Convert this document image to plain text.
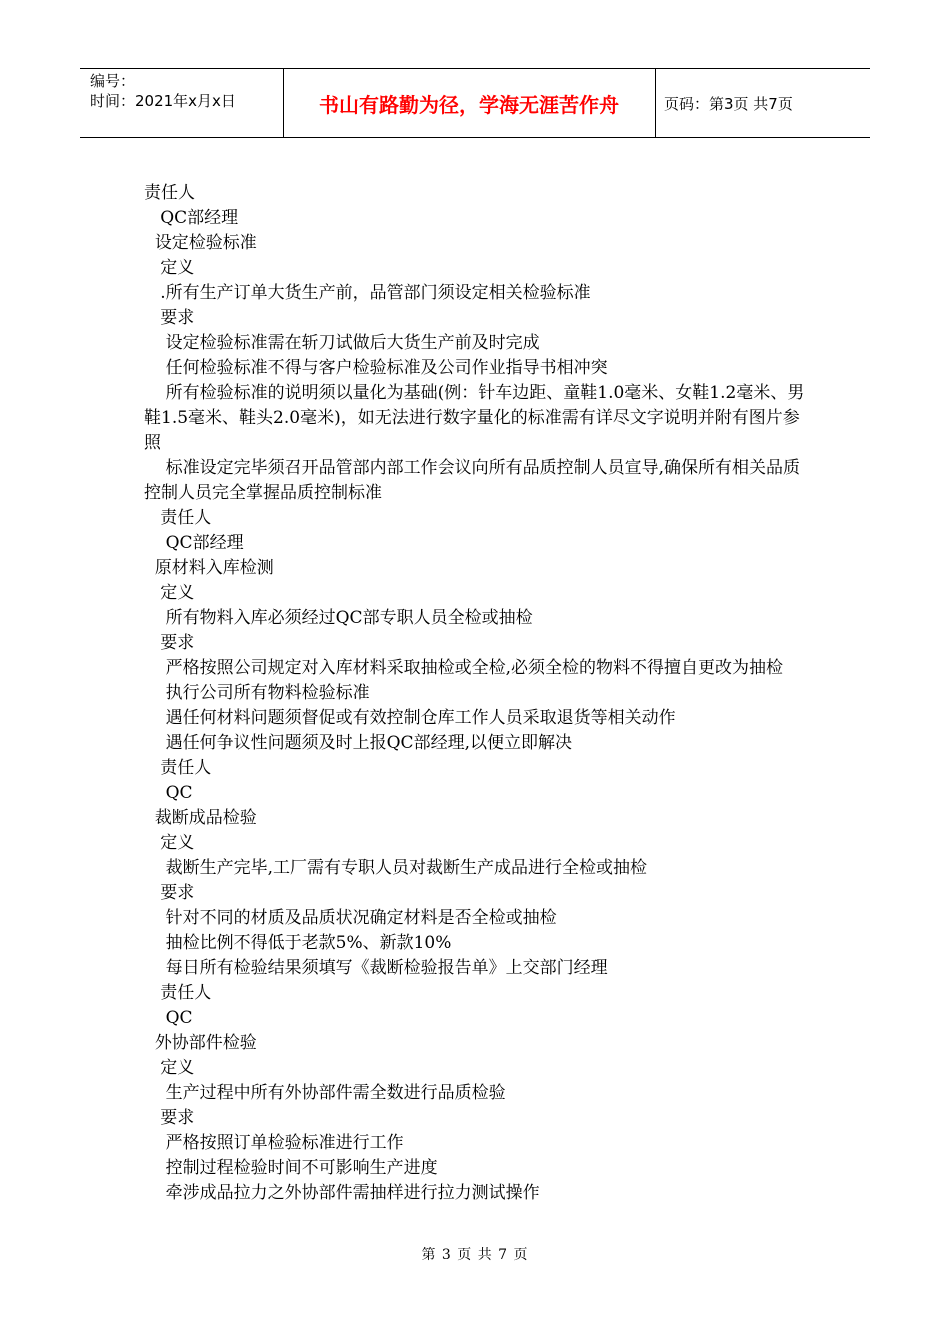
编号：
时间：2021年x月x日	书山有路勤为径，学海无涯苦作舟	页码：第3页 共7页

责任人

QC部经理

设定检验标准

定义

.所有生产订单大货生产前，品管部门须设定相关检验标准

要求

设定检验标准需在斩刀试做后大货生产前及时完成

任何检验标准不得与客户检验标准及公司作业指导书相冲突

所有检验标准的说明须以量化为基础(例：针车边距、童鞋1.0毫米、女鞋1.2毫米、男鞋1.5毫米、鞋头2.0毫米)，如无法进行数字量化的标准需有详尽文字说明并附有图片参照

标准设定完毕须召开品管部内部工作会议向所有品质控制人员宣导,确保所有相关品质控制人员完全掌握品质控制标准

责任人

QC部经理

原材料入库检测

定义

所有物料入库必须经过QC部专职人员全检或抽检

要求

严格按照公司规定对入库材料采取抽检或全检,必须全检的物料不得擅自更改为抽检

执行公司所有物料检验标准

遇任何材料问题须督促或有效控制仓库工作人员采取退货等相关动作

遇任何争议性问题须及时上报QC部经理,以便立即解决

责任人

QC

裁断成品检验

定义

裁断生产完毕,工厂需有专职人员对裁断生产成品进行全检或抽检

要求

针对不同的材质及品质状况确定材料是否全检或抽检

抽检比例不得低于老款5%、新款10%

每日所有检验结果须填写《裁断检验报告单》上交部门经理

责任人

QC

外协部件检验

定义

生产过程中所有外协部件需全数进行品质检验

要求

严格按照订单检验标准进行工作

控制过程检验时间不可影响生产进度

牵涉成品拉力之外协部件需抽样进行拉力测试操作

第 3 页 共 7 页
